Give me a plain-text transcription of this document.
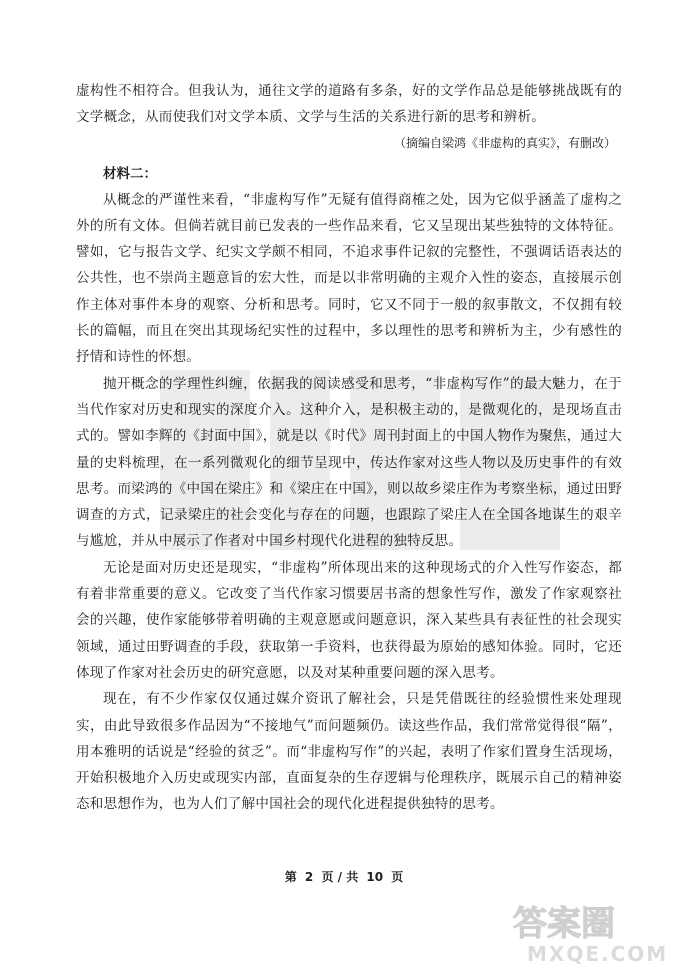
虚构性不相符合。但我认为，通往文学的道路有多条，好的文学作品总是能够挑战既有的文学概念，从而使我们对文学本质、文学与生活的关系进行新的思考和辨析。

（摘编自梁鸿《非虚构的真实》，有删改）

材料二：

从概念的严谨性来看，“非虚构写作”无疑有值得商榷之处，因为它似乎涵盖了虚构之外的所有文体。但倘若就目前已发表的一些作品来看，它又呈现出某些独特的文体特征。譬如，它与报告文学、纪实文学颇不相同，不追求事件记叙的完整性，不强调话语表达的公共性，也不崇尚主题意旨的宏大性，而是以非常明确的主观介入性的姿态，直接展示创作主体对事件本身的观察、分析和思考。同时，它又不同于一般的叙事散文，不仅拥有较长的篇幅，而且在突出其现场纪实性的过程中，多以理性的思考和辨析为主，少有感性的抒情和诗性的怀想。

抛开概念的学理性纠缠，依据我的阅读感受和思考，“非虚构写作”的最大魅力，在于当代作家对历史和现实的深度介入。这种介入，是积极主动的，是微观化的，是现场直击式的。譬如李辉的《封面中国》，就是以《时代》周刊封面上的中国人物作为聚焦，通过大量的史料梳理，在一系列微观化的细节呈现中，传达作家对这些人物以及历史事件的有效思考。而梁鸿的《中国在梁庄》和《梁庄在中国》，则以故乡梁庄作为考察坐标，通过田野调查的方式，记录梁庄的社会变化与存在的问题，也跟踪了梁庄人在全国各地谋生的艰辛与尴尬，并从中展示了作者对中国乡村现代化进程的独特反思。

无论是面对历史还是现实，“非虚构”所体现出来的这种现场式的介入性写作姿态，都有着非常重要的意义。它改变了当代作家习惯要居书斋的想象性写作，激发了作家观察社会的兴趣，使作家能够带着明确的主观意愿或问题意识，深入某些具有表征性的社会现实领域，通过田野调查的手段，获取第一手资料，也获得最为原始的感知体验。同时，它还体现了作家对社会历史的研究意愿，以及对某种重要问题的深入思考。

现在，有不少作家仅仅通过媒介资讯了解社会，只是凭借既往的经验惯性来处理现实，由此导致很多作品因为“不接地气”而问题频仍。读这些作品，我们常常觉得很“隔”，用本雅明的话说是“经验的贫乏”。而“非虚构写作”的兴起，表明了作家们置身生活现场，开始积极地介入历史或现实内部，直面复杂的生存逻辑与伦理秩序，既展示自己的精神姿态和思想作为，也为人们了解中国社会的现代化进程提供独特的思考。

第 2 页 / 共 10 页
答案圈
MXQE.COM
